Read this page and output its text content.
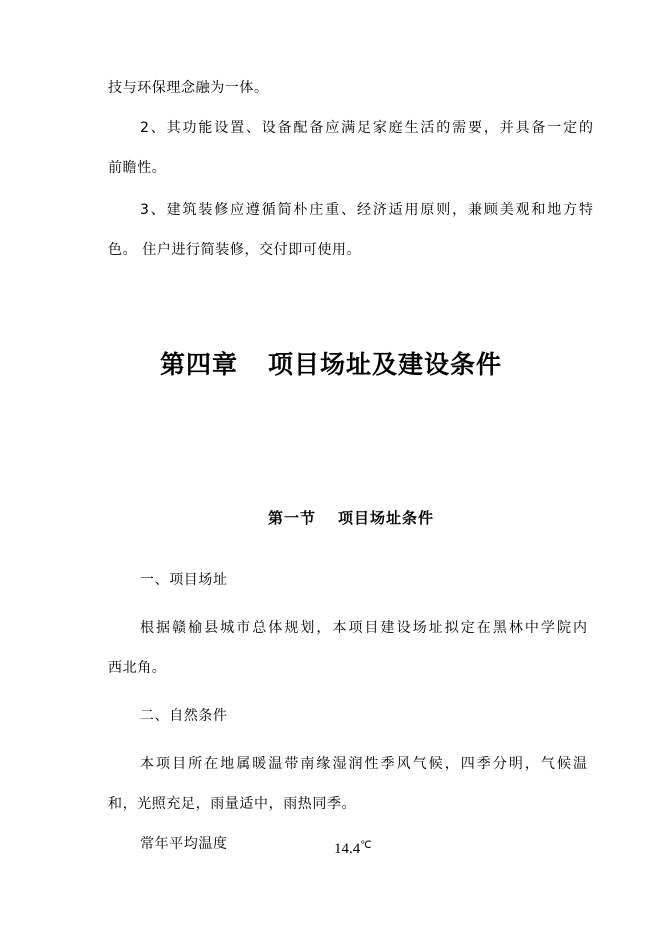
技与环保理念融为一体。
2、其功能设置、设备配备应满足家庭生活的需要，并具备一定的
前瞻性。
3、建筑装修应遵循简朴庄重、经济适用原则，兼顾美观和地方特
色。 住户进行简装修，交付即可使用。
第四章 项目场址及建设条件
第一节 项目场址条件
一、项目场址
根据赣榆县城市总体规划，本项目建设场址拟定在黑林中学院内
西北角。
二、自然条件
本项目所在地属暖温带南缘湿润性季风气候，四季分明，气候温
和，光照充足，雨量适中，雨热同季。
常年平均温度	14.4℃
